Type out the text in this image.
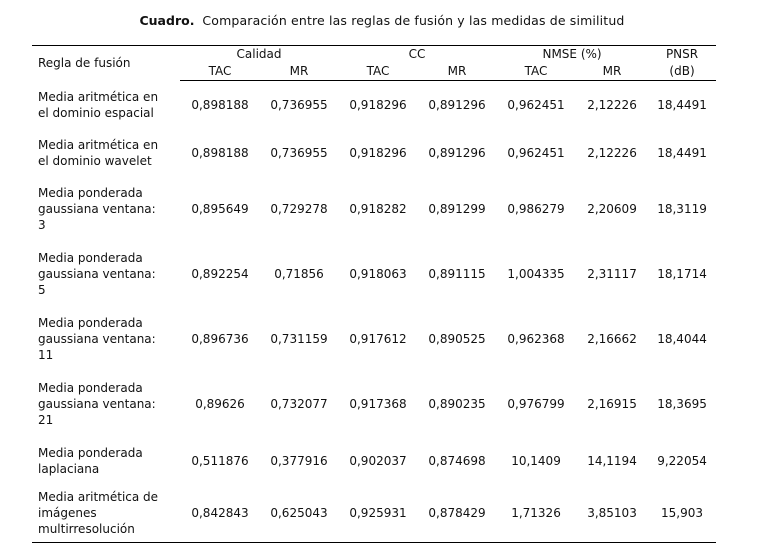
Cuadro. Comparación entre las reglas de fusión y las medidas de similitud
Regla de fusión	Calidad		CC		NMSE (%)		PNSR
	TAC	MR	TAC	MR	TAC	MR	(dB)

Media aritmética en
el dominio espacial	0,898188	0,736955	0,918296	0,891296	0,962451	2,12226	18,4491

Media aritmética en
el dominio wavelet	0,898188	0,736955	0,918296	0,891296	0,962451	2,12226	18,4491

Media ponderada
gaussiana ventana:
3	0,895649	0,729278	0,918282	0,891299	0,986279	2,20609	18,3119

Media ponderada
gaussiana ventana:
5	0,892254	0,71856	0,918063	0,891115	1,004335	2,31117	18,1714

Media ponderada
gaussiana ventana:
11	0,896736	0,731159	0,917612	0,890525	0,962368	2,16662	18,4044

Media ponderada
gaussiana ventana:
21	0,89626	0,732077	0,917368	0,890235	0,976799	2,16915	18,3695

Media ponderada
laplaciana	0,511876	0,377916	0,902037	0,874698	10,1409	14,1194	9,22054

Media aritmética de
imágenes
multirresolución	0,842843	0,625043	0,925931	0,878429	1,71326	3,85103	15,903
